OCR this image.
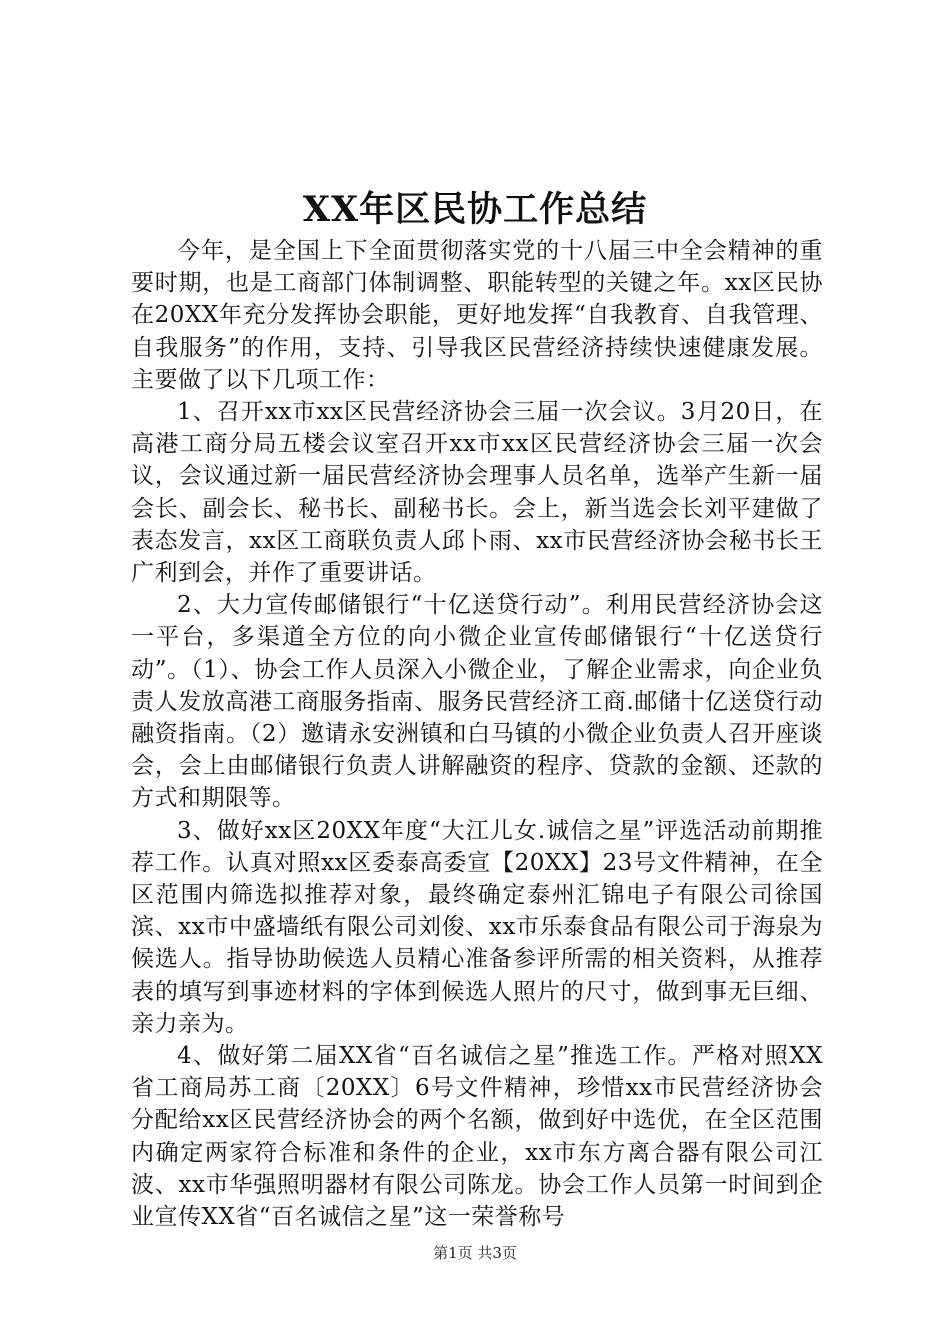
XX年区民协工作总结

今年，是全国上下全面贯彻落实党的十八届三中全会精神的重要时期，也是工商部门体制调整、职能转型的关键之年。xx区民协在20XX年充分发挥协会职能，更好地发挥“自我教育、自我管理、自我服务”的作用，支持、引导我区民营经济持续快速健康发展。主要做了以下几项工作：

1、召开xx市xx区民营经济协会三届一次会议。3月20日，在高港工商分局五楼会议室召开xx市xx区民营经济协会三届一次会议，会议通过新一届民营经济协会理事人员名单，选举产生新一届会长、副会长、秘书长、副秘书长。会上，新当选会长刘平建做了表态发言，xx区工商联负责人邱卜雨、xx市民营经济协会秘书长王广利到会，并作了重要讲话。

2、大力宣传邮储银行“十亿送贷行动”。利用民营经济协会这一平台，多渠道全方位的向小微企业宣传邮储银行“十亿送贷行动”。（1）、协会工作人员深入小微企业，了解企业需求，向企业负责人发放高港工商服务指南、服务民营经济工商.邮储十亿送贷行动融资指南。（2）邀请永安洲镇和白马镇的小微企业负责人召开座谈会，会上由邮储银行负责人讲解融资的程序、贷款的金额、还款的方式和期限等。

3、做好xx区20XX年度“大江儿女.诚信之星”评选活动前期推荐工作。认真对照xx区委泰高委宣【20XX】23号文件精神，在全区范围内筛选拟推荐对象，最终确定泰州汇锦电子有限公司徐国滨、xx市中盛墙纸有限公司刘俊、xx市乐泰食品有限公司于海泉为候选人。指导协助候选人员精心准备参评所需的相关资料，从推荐表的填写到事迹材料的字体到候选人照片的尺寸，做到事无巨细、亲力亲为。

4、做好第二届XX省“百名诚信之星”推选工作。严格对照XX省工商局苏工商〔20XX〕6号文件精神，珍惜xx市民营经济协会分配给xx区民营经济协会的两个名额，做到好中选优，在全区范围内确定两家符合标准和条件的企业，xx市东方离合器有限公司江波、xx市华强照明器材有限公司陈龙。协会工作人员第一时间到企业宣传XX省“百名诚信之星”这一荣誉称号

第1页 共3页
